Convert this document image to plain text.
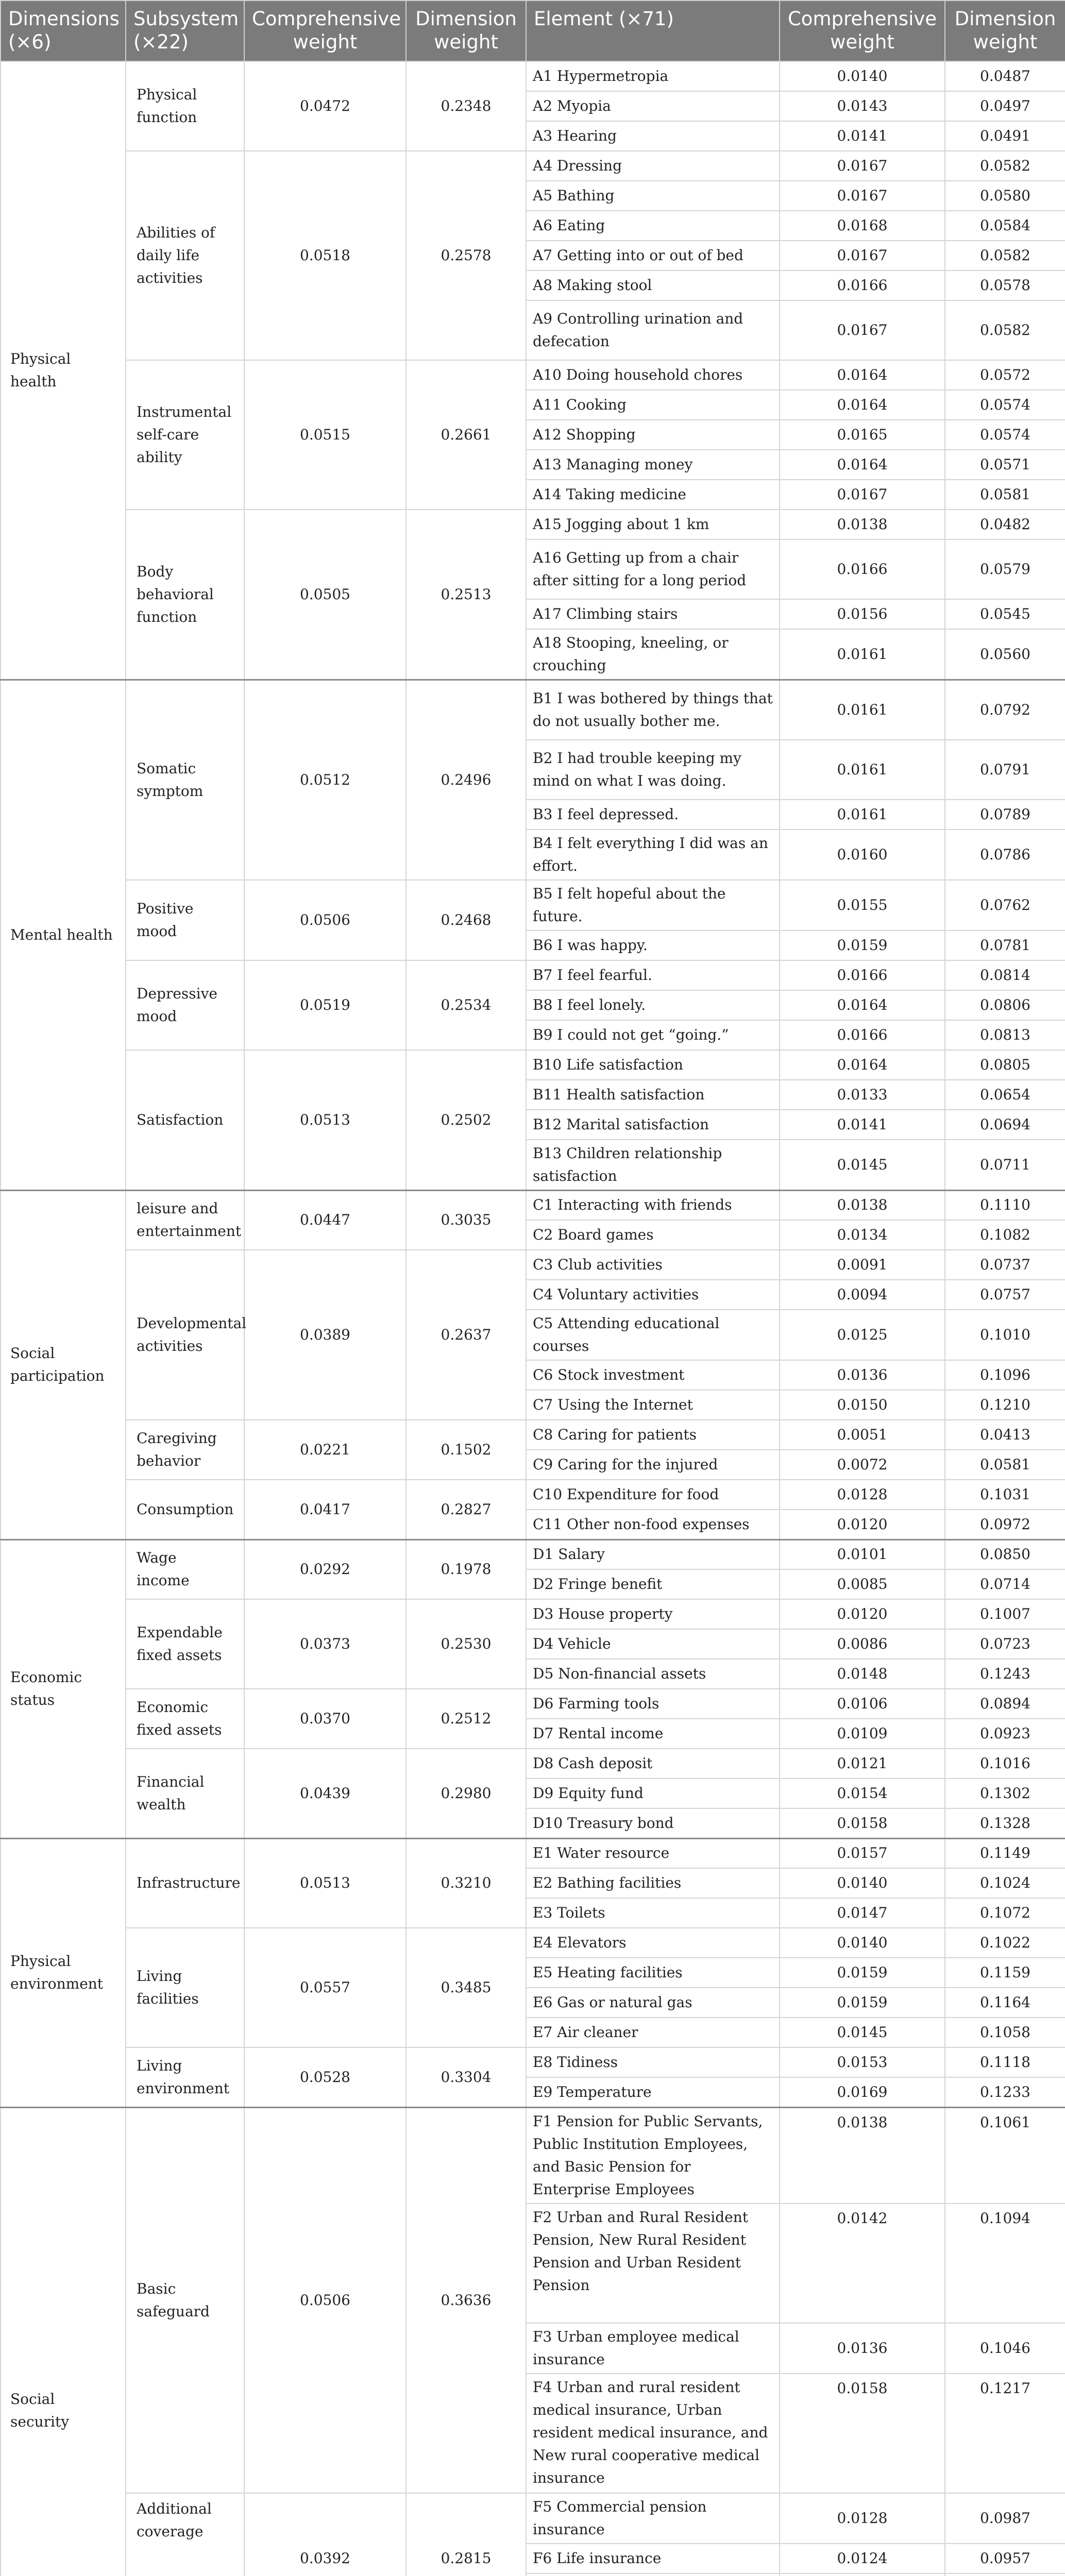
Dimensions (×6)	Subsystem (×22)	Comprehensive weight	Dimension weight	Element (×71)	Comprehensive weight	Dimension weight
Physical health	Physical function	0.0472	0.2348	A1 Hypermetropia	0.0140	0.0487
				A2 Myopia	0.0143	0.0497
				A3 Hearing	0.0141	0.0491
	Abilities of daily life activities	0.0518	0.2578	A4 Dressing	0.0167	0.0582
				A5 Bathing	0.0167	0.0580
				A6 Eating	0.0168	0.0584
				A7 Getting into or out of bed	0.0167	0.0582
				A8 Making stool	0.0166	0.0578
				A9 Controlling urination and defecation	0.0167	0.0582
	Instrumental self-care ability	0.0515	0.2661	A10 Doing household chores	0.0164	0.0572
				A11 Cooking	0.0164	0.0574
				A12 Shopping	0.0165	0.0574
				A13 Managing money	0.0164	0.0571
				A14 Taking medicine	0.0167	0.0581
	Body behavioral function	0.0505	0.2513	A15 Jogging about 1 km	0.0138	0.0482
				A16 Getting up from a chair after sitting for a long period	0.0166	0.0579
				A17 Climbing stairs	0.0156	0.0545
				A18 Stooping, kneeling, or crouching	0.0161	0.0560
Mental health	Somatic symptom	0.0512	0.2496	B1 I was bothered by things that do not usually bother me.	0.0161	0.0792
				B2 I had trouble keeping my mind on what I was doing.	0.0161	0.0791
				B3 I feel depressed.	0.0161	0.0789
				B4 I felt everything I did was an effort.	0.0160	0.0786
	Positive mood	0.0506	0.2468	B5 I felt hopeful about the future.	0.0155	0.0762
				B6 I was happy.	0.0159	0.0781
	Depressive mood	0.0519	0.2534	B7 I feel fearful.	0.0166	0.0814
				B8 I feel lonely.	0.0164	0.0806
				B9 I could not get “going.”	0.0166	0.0813
	Satisfaction	0.0513	0.2502	B10 Life satisfaction	0.0164	0.0805
				B11 Health satisfaction	0.0133	0.0654
				B12 Marital satisfaction	0.0141	0.0694
				B13 Children relationship satisfaction	0.0145	0.0711
Social participation	leisure and entertainment	0.0447	0.3035	C1 Interacting with friends	0.0138	0.1110
				C2 Board games	0.0134	0.1082
	Developmental activities	0.0389	0.2637	C3 Club activities	0.0091	0.0737
				C4 Voluntary activities	0.0094	0.0757
				C5 Attending educational courses	0.0125	0.1010
				C6 Stock investment	0.0136	0.1096
				C7 Using the Internet	0.0150	0.1210
	Caregiving behavior	0.0221	0.1502	C8 Caring for patients	0.0051	0.0413
				C9 Caring for the injured	0.0072	0.0581
	Consumption	0.0417	0.2827	C10 Expenditure for food	0.0128	0.1031
				C11 Other non-food expenses	0.0120	0.0972
Economic status	Wage income	0.0292	0.1978	D1 Salary	0.0101	0.0850
				D2 Fringe benefit	0.0085	0.0714
	Expendable fixed assets	0.0373	0.2530	D3 House property	0.0120	0.1007
				D4 Vehicle	0.0086	0.0723
				D5 Non-financial assets	0.0148	0.1243
	Economic fixed assets	0.0370	0.2512	D6 Farming tools	0.0106	0.0894
				D7 Rental income	0.0109	0.0923
	Financial wealth	0.0439	0.2980	D8 Cash deposit	0.0121	0.1016
				D9 Equity fund	0.0154	0.1302
				D10 Treasury bond	0.0158	0.1328
Physical environment	Infrastructure	0.0513	0.3210	E1 Water resource	0.0157	0.1149
				E2 Bathing facilities	0.0140	0.1024
				E3 Toilets	0.0147	0.1072
	Living facilities	0.0557	0.3485	E4 Elevators	0.0140	0.1022
				E5 Heating facilities	0.0159	0.1159
				E6 Gas or natural gas	0.0159	0.1164
				E7 Air cleaner	0.0145	0.1058
	Living environment	0.0528	0.3304	E8 Tidiness	0.0153	0.1118
				E9 Temperature	0.0169	0.1233
Social security	Basic safeguard	0.0506	0.3636	F1 Pension for Public Servants, Public Institution Employees, and Basic Pension for Enterprise Employees	0.0138	0.1061
				F2 Urban and Rural Resident Pension, New Rural Resident Pension and Urban Resident Pension	0.0142	0.1094
				F3 Urban employee medical insurance	0.0136	0.1046
				F4 Urban and rural resident medical insurance, Urban resident medical insurance, and New rural cooperative medical insurance	0.0158	0.1217
	Additional coverage	0.0392	0.2815	F5 Commercial pension insurance	0.0128	0.0987
				F6 Life insurance	0.0124	0.0957
